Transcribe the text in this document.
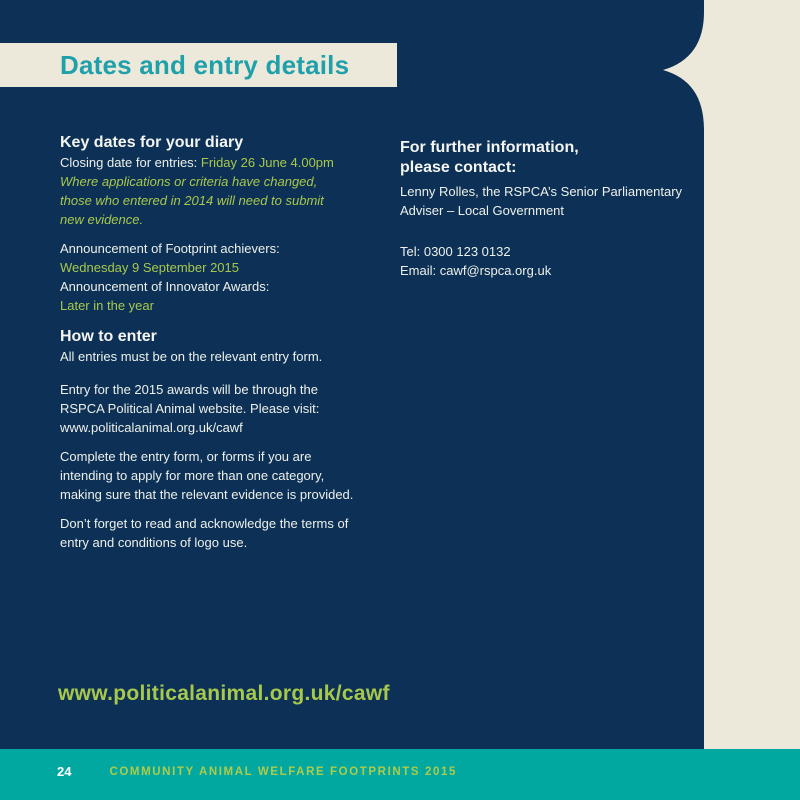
Dates and entry details
Key dates for your diary
Closing date for entries: Friday 26 June 4.00pm
Where applications or criteria have changed,
those who entered in 2014 will need to submit
new evidence.
Announcement of Footprint achievers:
Wednesday 9 September 2015
Announcement of Innovator Awards:
Later in the year
How to enter
All entries must be on the relevant entry form.
Entry for the 2015 awards will be through the
RSPCA Political Animal website. Please visit:
www.politicalanimal.org.uk/cawf
Complete the entry form, or forms if you are
intending to apply for more than one category,
making sure that the relevant evidence is provided.
Don’t forget to read and acknowledge the terms of
entry and conditions of logo use.
For further information,
please contact:
Lenny Rolles, the RSPCA’s Senior Parliamentary
Adviser – Local Government
Tel: 0300 123 0132
Email: cawf@rspca.org.uk
www.politicalanimal.org.uk/cawf
24	COMMUNITY ANIMAL WELFARE FOOTPRINTS 2015
